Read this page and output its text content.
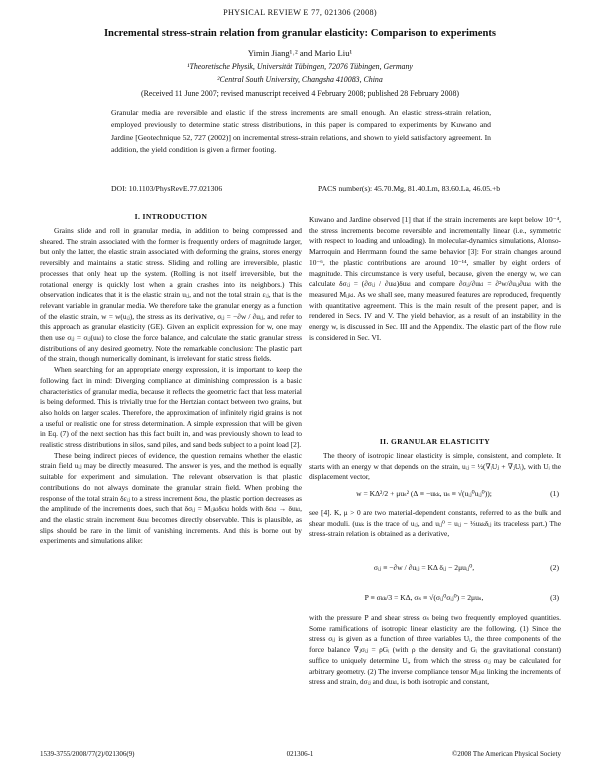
PHYSICAL REVIEW E 77, 021306 (2008)
Incremental stress-strain relation from granular elasticity: Comparison to experiments
Yimin Jiang¹˒² and Mario Liu¹
¹Theoretische Physik, Universität Tübingen, 72076 Tübingen, Germany
²Central South University, Changsha 410083, China
(Received 11 June 2007; revised manuscript received 4 February 2008; published 28 February 2008)
Granular media are reversible and elastic if the stress increments are small enough. An elastic stress-strain relation, employed previously to determine static stress distributions, in this paper is compared to experiments by Kuwano and Jardine [Geotechnique 52, 727 (2002)] on incremental stress-strain relations, and shown to yield satisfactory agreement. In addition, the yield condition is given a firmer footing.
DOI: 10.1103/PhysRevE.77.021306	PACS number(s): 45.70.Mg, 81.40.Lm, 83.60.La, 46.05.+b
I. INTRODUCTION

Grains slide and roll in granular media, in addition to being compressed and sheared. The strain associated with the former is frequently orders of magnitude larger, but only the latter, the elastic strain associated with deforming the grains, stores energy reversibly and maintains a static stress. Sliding and rolling are irreversible, plastic processes that only heat up the system. (Rolling is not itself irreversible, but the rotational energy is quickly lost when a grain crashes into its neighbors.) This observation indicates that it is the elastic strain uᵢⱼ, and not the total strain εᵢⱼ, that is the relevant variable in granular media. We therefore take the granular energy as a function of the elastic strain, w = w(uᵢⱼ), the stress as its derivative, σᵢⱼ = −∂w / ∂uᵢⱼ, and refer to this approach as granular elasticity (GE). Given an explicit expression for w, one may then use σᵢⱼ = σᵢⱼ(uₖₗ) to close the force balance, and calculate the static granular stress distributions of any desired geometry. Note the remarkable conclusion: The plastic part of the strain, though numerically dominant, is irrelevant for static stress fields.

When searching for an appropriate energy expression, it is important to keep the following fact in mind: Diverging compliance at diminishing compression is a basic characteristics of granular media, because it reflects the geometric fact that less material is being deformed. This is trivially true for the Hertzian contact between two grains, but also holds on larger scales. Therefore, the approximation of infinitely rigid grains is not a useful or realistic one for stress determination. A simple expression that will be given in Eq. (7) of the next section has this fact built in, and was previously shown to lead to realistic stress distributions in silos, sand piles, and sand beds subject to a point load [2].

These being indirect pieces of evidence, the question remains whether the elastic strain field uᵢⱼ may be directly measured. The answer is yes, and the method is equally suitable for experiment and simulation. The relevant observation is that plastic contributions do not always dominate the granular strain field. When probing the response of the total strain δεᵢⱼ to a stress increment δσₖₗ, the plastic portion decreases as the amplitude of the increments does, such that δσᵢⱼ = Mᵢⱼₖₗδεₖₗ holds with δεₖₗ → δuₖₗ, and the elastic strain increment δuₖₗ becomes directly observable. This is plausible, as slips should be rare in the limit of vanishing increments. And this is borne out by experiments and simulations alike:

Kuwano and Jardine observed [1] that if the strain increments are kept below 10⁻⁴, the stress increments become reversible and incrementally linear (i.e., symmetric with respect to loading and unloading). In molecular-dynamics simulations, Alonso-Marroquin and Herrmann found the same behavior [3]: For strain changes around 10⁻⁶, the plastic contributions are around 10⁻¹⁴, smaller by eight orders of magnitude. This circumstance is very useful, because, given the energy w, we can calculate δσᵢⱼ = (∂σᵢⱼ / ∂uₖₗ)δuₖₗ and compare ∂σᵢⱼ/∂uₖₗ = ∂²w/∂uᵢⱼ∂uₖₗ with the measured Mᵢⱼₖₗ. As we shall see, many measured features are reproduced, frequently with quantitative agreement. This is the main result of the present paper, and is rendered in Secs. IV and V. The yield behavior, as a result of an instability in the energy w, is discussed in Sec. III and the Appendix. The elastic part of the flow rule is considered in Sec. VI.

II. GRANULAR ELASTICITY

The theory of isotropic linear elasticity is simple, consistent, and complete. It starts with an energy w that depends on the strain, uᵢⱼ = ½(∇ᵢUⱼ + ∇ⱼUᵢ), with Uᵢ the displacement vector,

w = KΔ²/2 + μuₛ² (Δ ≡ −uₖₖ, uₛ ≡ √(uᵢⱼ⁰uᵢⱼ⁰));	(1)

see [4]. K, μ > 0 are two material-dependent constants, referred to as the bulk and shear moduli. (uₖₖ is the trace of uᵢⱼ, and uᵢⱼ⁰ = uᵢⱼ − ⅓uₖₖδᵢⱼ its traceless part.) The stress-strain relation is obtained as a derivative,

σᵢⱼ ≡ −∂w / ∂uᵢⱼ = KΔ δᵢⱼ − 2μuᵢⱼ⁰,	(2)
P ≡ σₖₖ/3 = KΔ, σₛ ≡ √(σᵢⱼ⁰σᵢⱼ⁰) = 2μuₛ,	(3)

with the pressure P and shear stress σₛ being two frequently employed quantities. Some ramifications of isotropic linear elasticity are the following. (1) Since the stress σᵢⱼ is given as a function of three variables Uᵢ, the three components of the force balance ∇ⱼσᵢⱼ = ρGᵢ (with ρ the density and Gᵢ the gravitational constant) suffice to uniquely determine Uᵢ, from which the stress σᵢⱼ may be calculated for arbitrary geometry. (2) The inverse compliance tensor Mᵢⱼₖₗ linking the increments of stress and strain, dσᵢⱼ and duₖₗ, is both isotropic and constant,

1539-3755/2008/77(2)/021306(9)	021306-1	©2008 The American Physical Society
